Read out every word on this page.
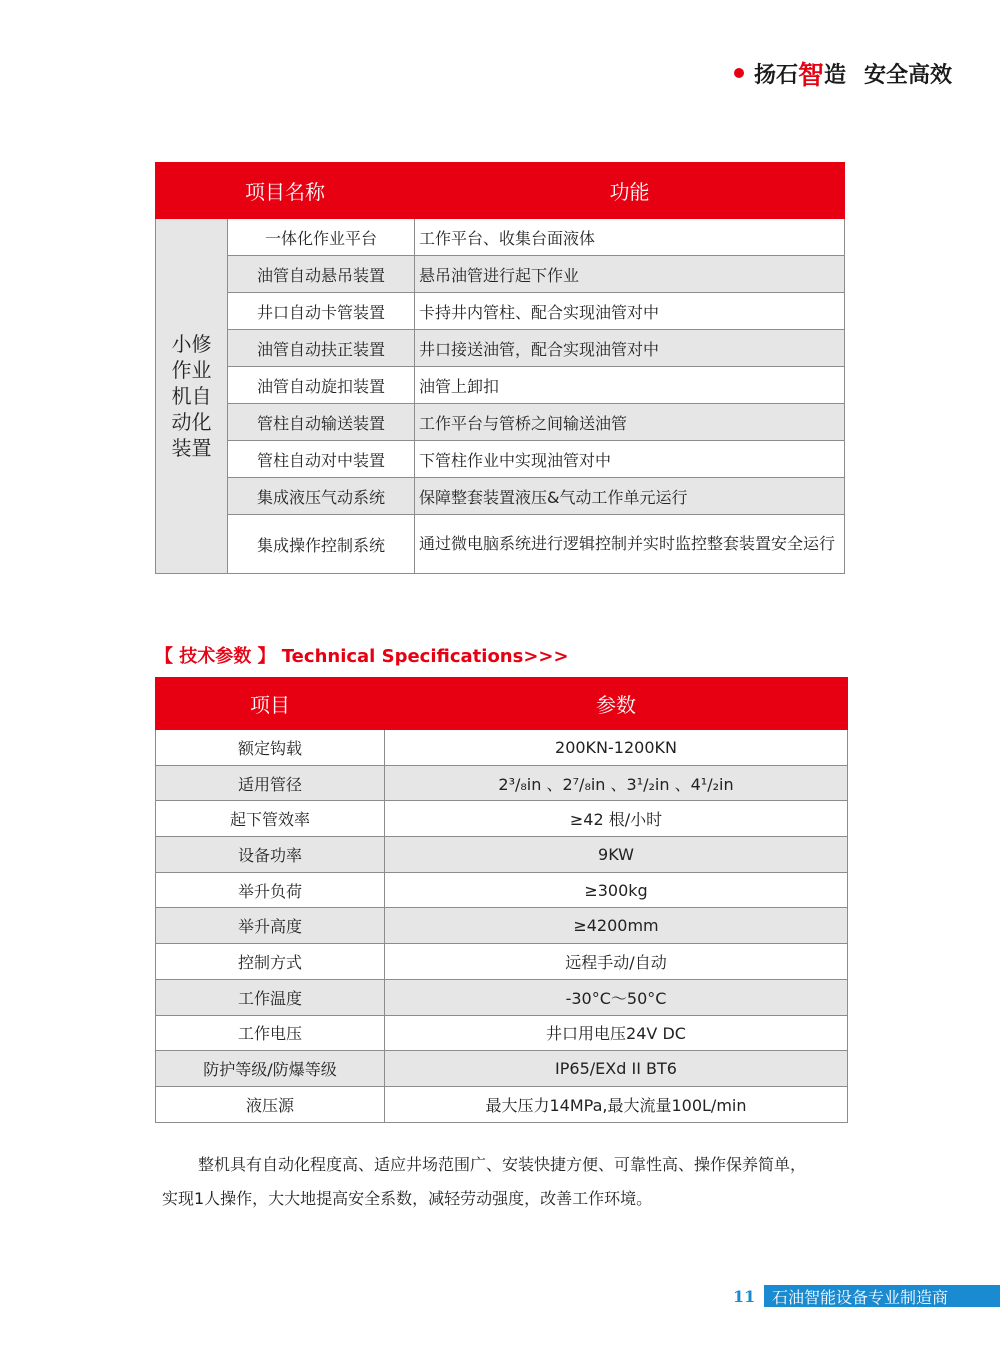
扬石 智 造 安全高效
项目名称		功能
小修作业机自动化装置	一体化作业平台	工作平台、收集台面液体
	油管自动悬吊装置	悬吊油管进行起下作业
	井口自动卡管装置	卡持井内管柱、配合实现油管对中
	油管自动扶正装置	井口接送油管，配合实现油管对中
	油管自动旋扣装置	油管上卸扣
	管柱自动输送装置	工作平台与管桥之间输送油管
	管柱自动对中装置	下管柱作业中实现油管对中
	集成液压气动系统	保障整套装置液压&气动工作单元运行
	集成操作控制系统	通过微电脑系统进行逻辑控制并实时监控整套装置安全运行
【 技术参数 】 Technical Specifications>>>
项目	参数
额定钩载	200KN-1200KN
适用管径	2³/₈in 、2⁷/₈in 、3¹/₂in 、4¹/₂in
起下管效率	≥42 根/小时
设备功率	9KW
举升负荷	≥300kg
举升高度	≥4200mm
控制方式	远程手动/自动
工作温度	-30°C～50°C
工作电压	井口用电压24V DC
防护等级/防爆等级	IP65/EXd II BT6
液压源	最大压力14MPa,最大流量100L/min
整机具有自动化程度高、适应井场范围广、安装快捷方便、可靠性高、操作保养简单，
实现1人操作，大大地提高安全系数，减轻劳动强度，改善工作环境。
11	石油智能设备专业制造商
